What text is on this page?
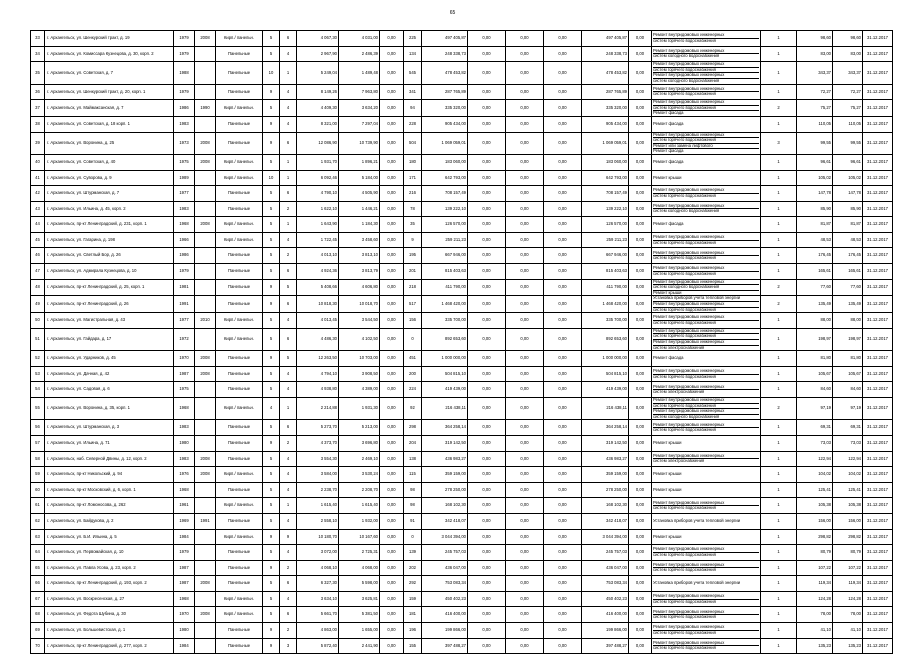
65
33	г. Архангельск, ул. Шенкурский тракт, д. 19	1979	2008	Кирп./ панельн.	5	6	4 067,30	4 031,00	0,00	225	497 405,87	0,00	0,00	0,00	497 405,87	0,00	Ремонт внутридомовых инженерных
систем горячего водоснабжения	1	98,60	98,60	31.12.2017
34	г. Архангельск, ул. Комиссара Кузнецова, д. 30, корп. 2	1979		Панельные	5	4	2 967,90	2 486,39	0,00	134	248 338,73	0,00	0,00	0,00	248 338,73	0,00	Ремонт внутридомовых инженерных
систем холодного водоснабжения	1	83,00	83,00	31.12.2017
35	г. Архангельск, ул. Советская, д. 7	1988		Панельные	10	1	5 249,04	1 489,48	0,00	545	478 453,82	0,00	0,00	0,00	478 453,82	0,00	Ремонт внутридомовых инженерных
систем горячего водоснабжения
Ремонт внутридомовых инженерных
систем холодного водоснабжения	1	343,37	343,37	31.12.2017
36	г. Архангельск, ул. Шенкурский тракт, д. 20, корп. 1	1979		Панельные	9	4	8 149,26	7 963,80	0,00	341	287 765,89	0,00	0,00	0,00	287 765,89	0,00	Ремонт внутридомовых инженерных
систем горячего водоснабжения	1	72,27	72,27	31.12.2017
37	г. Архангельск, ул. Маймаксанская, д. 7	1986	1990	Кирп./ панельн.	5	4	4 409,30	3 634,20	0,00	94	335 320,00	0,00	0,00	0,00	335 320,00	0,00	Ремонт внутридомовых инженерных
систем горячего водоснабжения
Ремонт фасада	2	75,27	75,27	31.12.2017
38	г. Архангельск, ул. Советская, д. 18 корп. 1	1983		Панельные	9	4	8 321,00	7 297,04	0,00	228	905 434,00	0,00	0,00	0,00	905 434,00	0,00	Ремонт фасада	1	110,05	110,05	31.12.2017
39	г. Архангельск, ул. Воронина, д. 25	1973	2008	Панельные	9	6	12 086,90	10 739,90	0,00	504	1 069 059,01	0,00	0,00	0,00	1 069 059,01	0,00	Ремонт внутридомовых инженерных
систем горячего водоснабжения
Ремонт или замена лифтового
Ремонт фасада	3	99,55	99,55	31.12.2017
40	г. Архангельск, ул. Советская, д. 40	1975	2008	Кирп./ панельн.	5	1	1 931,70	1 896,21	0,00	180	183 060,00	0,00	0,00	0,00	183 060,00	0,00	Ремонт фасада	1	96,61	96,61	31.12.2017
41	г. Архангельск, ул. Суворова, д. 9	1989		Кирп./ панельн.	10	1	6 092,46	5 184,00	0,00	171	642 793,00	0,00	0,00	0,00	642 793,00	0,00	Ремонт крыши	1	105,02	105,02	31.12.2017
42	г. Архангельск, ул. Штурманская, д. 7	1977		Панельные	5	6	4 790,10	4 505,90	0,00	216	708 157,49	0,00	0,00	0,00	708 157,49	0,00	Ремонт внутридомовых инженерных
систем горячего водоснабжения	1	147,78	147,78	31.12.2017
43	г. Архангельск, ул. Ильина, д. 45, корп. 2	1983		Панельные	5	2	1 622,10	1 446,21	0,00	78	139 222,10	0,00	0,00	0,00	139 222,10	0,00	Ремонт внутридомовых инженерных
систем холодного водоснабжения	1	85,90	85,90	31.12.2017
44	г. Архангельск, пр-кт Ленинградский, д. 231, корп. 1	1968	2008	Кирп./ панельн.	5	1	1 643,90	1 184,30	0,00	35	126 570,00	0,00	0,00	0,00	126 570,00	0,00	Ремонт фасада	1	81,87	81,87	31.12.2017
45	г. Архангельск, ул. Гагарина, д. 198	1966		Кирп./ панельн.	5	4	1 722,45	3 458,60	0,00	9	259 211,23	0,00	0,00	0,00	259 211,23	0,00	Ремонт внутридомовых инженерных
систем горячего водоснабжения	1	48,53	48,53	31.12.2017
46	г. Архангельск, ул. Светлый Бор, д. 26	1986		Панельные	5	2	4 013,10	3 813,10	0,00	195	667 946,00	0,00	0,00	0,00	667 946,00	0,00	Ремонт внутридомовых инженерных
систем горячего водоснабжения	1	176,45	176,45	31.12.2017
47	г. Архангельск, ул. Адмирала Кузнецова, д. 10	1979		Панельные	5	6	4 924,36	3 813,79	0,00	201	815 403,63	0,00	0,00	0,00	815 403,63	0,00	Ремонт внутридомовых инженерных
систем горячего водоснабжения	1	165,61	165,61	31.12.2017
48	г. Архангельск, пр-кт Ленинградский, д. 25, корп. 1	1981		Панельные	9	5	5 408,66	4 606,80	0,00	218	411 790,00	0,00	0,00	0,00	411 790,00	0,00	Ремонт внутридомовых инженерных
систем холодного водоснабжения
Ремонт крыши	2	77,60	77,60	31.12.2017
49	г. Архангельск, пр-кт Ленинградский, д. 26	1991		Панельные	9	6	10 818,30	10 018,70	0,00	517	1 468 420,00	0,00	0,00	0,00	1 468 420,00	0,00	Установка приборов учета тепловой энергии
Ремонт внутридомовых инженерных
систем горячего водоснабжения	2	135,49	135,49	31.12.2017
50	г. Архангельск, ул. Магистральная, д. 43	1977	2010	Кирп./ панельн.	5	4	4 013,45	3 544,50	0,00	156	335 700,00	0,00	0,00	0,00	335 700,00	0,00	Ремонт внутридомовых инженерных
систем горячего водоснабжения	1	88,00	88,00	31.12.2017
51	г. Архангельск, ул. Гайдара, д. 17	1972		Кирп./ панельн.	5	6	4 486,30	4 102,50	0,00	0	892 653,60	0,00	0,00	0,00	892 653,60	0,00	Ремонт внутридомовых инженерных
систем горячего водоснабжения
Ремонт внутридомовых инженерных
систем электроснабжения	1	198,97	198,97	31.12.2017
52	г. Архангельск, ул. Ударников, д. 45	1970	2008	Панельные	9	5	12 263,50	10 703,00	0,00	451	1 000 000,00	0,00	0,00	0,00	1 000 000,00	0,00	Ремонт фасада	1	81,80	81,80	31.12.2017
53	г. Архангельск, ул. Дачная, д. 42	1987	2008	Панельные	5	4	4 794,10	3 908,50	0,00	200	504 815,10	0,00	0,00	0,00	504 815,10	0,00	Ремонт внутридомовых инженерных
систем горячего водоснабжения	1	105,67	105,67	31.12.2017
54	г. Архангельск, ул. Садовая, д. 6	1975		Панельные	5	4	4 938,80	4 389,00	0,00	224	419 439,00	0,00	0,00	0,00	419 439,00	0,00	Ремонт внутридомовых инженерных
систем электроснабжения	1	84,60	84,60	31.12.2017
55	г. Архангельск, ул. Воронина, д. 35, корп. 1	1968		Кирп./ панельн.	4	1	2 214,88	1 931,30	0,00	92	216 438,11	0,00	0,00	0,00	216 438,11	0,00	Ремонт внутридомовых инженерных
систем горячего водоснабжения
Ремонт внутридомовых инженерных
систем холодного водоснабжения	2	97,19	97,19	31.12.2017
56	г. Архангельск, ул. Штурманская, д. 3	1983		Панельные	5	6	5 273,70	5 213,00	0,00	298	364 258,14	0,00	0,00	0,00	364 258,14	0,00	Ремонт внутридомовых инженерных
систем горячего водоснабжения	1	69,31	69,31	31.12.2017
57	г. Архангельск, ул. Ильина, д. 71	1980		Панельные	9	2	4 373,70	3 696,80	0,00	204	319 142,50	0,00	0,00	0,00	319 142,50	0,00	Ремонт крыши	1	73,03	73,03	31.12.2017
58	г. Архангельск, наб. Северной Двины, д. 12, корп. 2	1983	2008	Панельные	5	4	3 554,30	2 469,10	0,00	138	436 983,27	0,00	0,00	0,00	436 983,27	0,00	Ремонт внутридомовых инженерных
систем электроснабжения	1	122,94	122,94	31.12.2017
59	г. Архангельск, пр-кт Никольский, д. 94	1976	2008	Кирп./ панельн.	5	4	3 584,00	3 530,24	0,00	115	359 159,00	0,00	0,00	0,00	359 159,00	0,00	Ремонт крыши	1	104,02	104,02	31.12.2017
60	г. Архангельск, пр-кт Московский, д. 6, корп. 1	1968		Панельные	5	4	2 238,70	2 208,70	0,00	98	278 250,00	0,00	0,00	0,00	278 250,00	0,00	Ремонт крыши	1	125,41	125,41	31.12.2017
61	г. Архангельск, пр-кт Ломоносова, д. 262	1961		Кирп./ панельн.	5	1	1 615,40	1 615,40	0,00	98	168 102,30	0,00	0,00	0,00	168 102,30	0,00	Ремонт внутридомовых инженерных
систем горячего водоснабжения	1	105,38	105,38	31.12.2017
62	г. Архангельск, ул. Байдукова, д. 2	1969	1991	Панельные	5	4	2 558,10	1 932,00	0,00	91	342 418,07	0,00	0,00	0,00	342 418,07	0,00	Установка приборов учета тепловой энергии	1	156,00	156,00	31.12.2017
63	г. Архангельск, ул. Б.И. Ильина, д. 5	1984		Кирп./ панельн.	9	9	10 180,70	10 167,60	0,00	0	3 044 394,00	0,00	0,00	0,00	3 044 394,00	0,00	Ремонт крыши	1	298,82	298,82	31.12.2017
64	г. Архангельск, ул. Первомайская, д. 10	1979		Панельные	5	4	3 072,00	2 725,31	0,00	139	245 757,03	0,00	0,00	0,00	245 757,03	0,00	Ремонт внутридомовых инженерных
систем горячего водоснабжения	1	80,79	80,79	31.12.2017
65	г. Архангельск, ул. Павла Усова, д. 23, корп. 2	1987		Панельные	9	2	4 068,10	4 068,00	0,00	202	436 047,00	0,00	0,00	0,00	436 047,00	0,00	Ремонт внутридомовых инженерных
систем горячего водоснабжения	1	107,22	107,22	31.12.2017
66	г. Архангельск, пр-кт Ленинградский, д. 193, корп. 2	1987	2008	Панельные	5	6	6 327,30	5 598,00	0,00	292	753 083,34	0,00	0,00	0,00	753 083,34	0,00	Установка приборов учета тепловой энергии	1	119,34	119,34	31.12.2017
67	г. Архангельск, ул. Воскресенская, д. 27	1968		Кирп./ панельн.	5	4	3 634,10	3 625,81	0,00	159	450 402,23	0,00	0,00	0,00	450 402,23	0,00	Ремонт внутридомовых инженерных
систем горячего водоснабжения	1	124,28	124,28	31.12.2017
68	г. Архангельск, ул. Федота Шубина, д. 30	1970	2008	Кирп./ панельн.	5	6	5 661,70	5 381,50	0,00	181	416 400,00	0,00	0,00	0,00	416 400,00	0,00	Ремонт внутридомовых инженерных
систем горячего водоснабжения	1	78,00	78,00	31.12.2017
69	г. Архангельск, ул. Большевистская, д. 1	1980		Панельные	9	2	4 863,00	1 655,00	0,00	196	199 866,00	0,00	0,00	0,00	199 866,00	0,00	Ремонт внутридомовых инженерных
систем горячего водоснабжения	1	41,10	41,10	31.12.2017
70	г. Архангельск, пр-кт Ленинградский, д. 277, корп. 2	1984		Панельные	9	3	5 872,40	2 441,90	0,00	155	397 488,27	0,00	0,00	0,00	397 488,27	0,00	Ремонт внутридомовых инженерных
систем горячего водоснабжения	1	135,23	135,23	31.12.2017
